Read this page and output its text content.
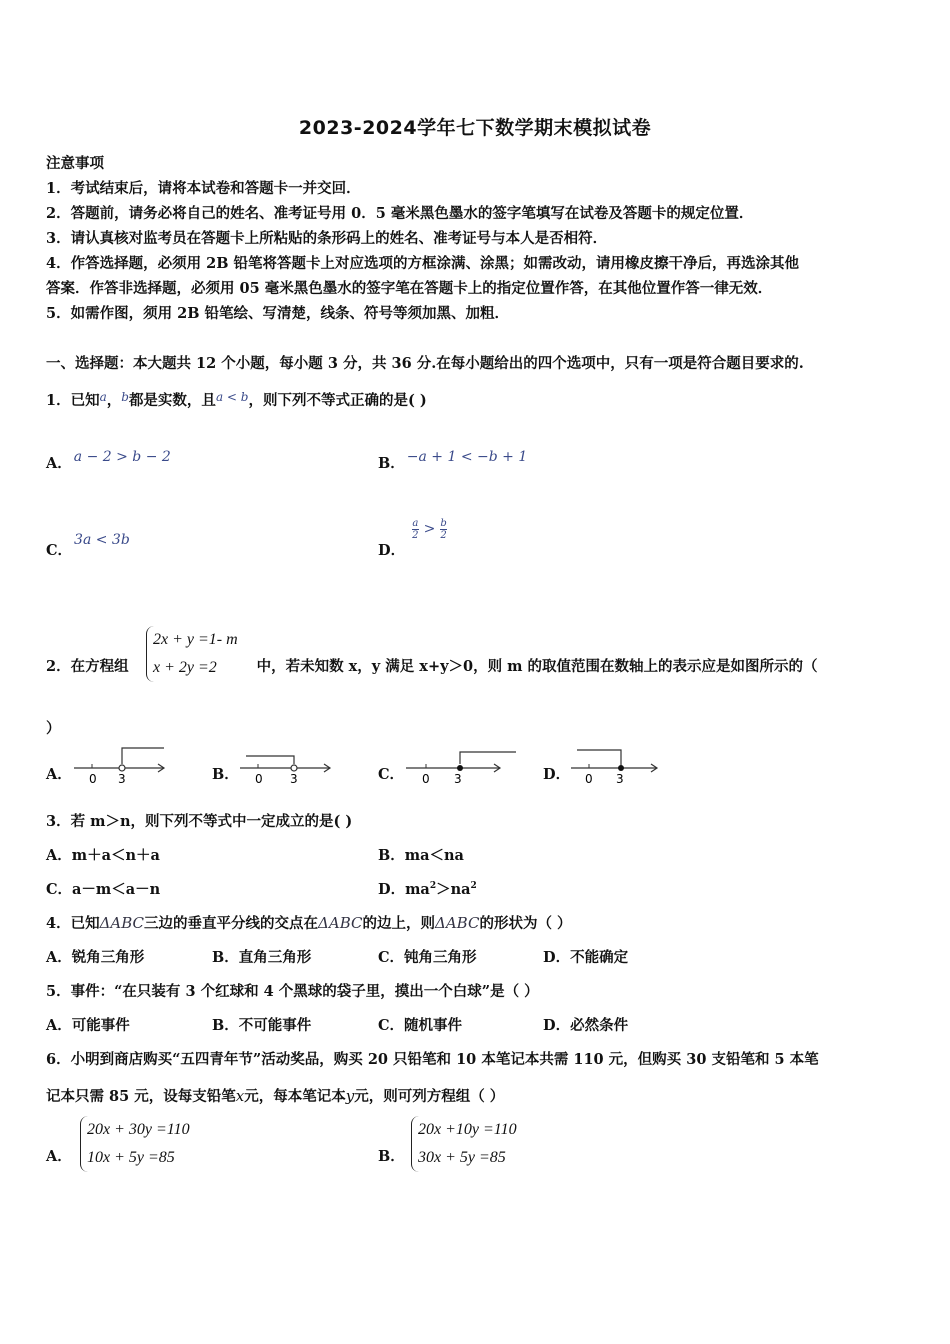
2023-2024学年七下数学期末模拟试卷
注意事项
1．考试结束后，请将本试卷和答题卡一并交回．
2．答题前，请务必将自己的姓名、准考证号用 0．5 毫米黑色墨水的签字笔填写在试卷及答题卡的规定位置．
3．请认真核对监考员在答题卡上所粘贴的条形码上的姓名、准考证号与本人是否相符．
4．作答选择题，必须用 2B 铅笔将答题卡上对应选项的方框涂满、涂黑；如需改动，请用橡皮擦干净后，再选涂其他
答案．作答非选择题，必须用 05 毫米黑色墨水的签字笔在答题卡上的指定位置作答，在其他位置作答一律无效．
5．如需作图，须用 2B 铅笔绘、写清楚，线条、符号等须加黑、加粗．
一、选择题：本大题共 12 个小题，每小题 3 分，共 36 分.在每小题给出的四个选项中，只有一项是符合题目要求的.
1．已知$^a$，$^b$都是实数，且$^{a < b}$，则下列不等式正确的是( )
A． a − 2 > b − 2	B． −a + 1 < −b + 1
C．3a < 3b
D．
$\frac{a}{2} > \frac{b}{2}$
2．在方程组	中，若未知数 x，y 满足 x+y＞0，则 m 的取值范围在数轴上的表示应是如图所示的（
2x + y =1- m
x + 2y =2
）
A．	B．	C．	D．
0 3	0 3	0 3	0 3
3．若 m＞n，则下列不等式中一定成立的是( )
A．m＋a＜n＋a	B．ma＜na
C．a－m＜a－n	D．$ma^2>na^2$
4．已知ΔABC三边的垂直平分线的交点在ΔABC的边上，则ΔABC的形状为（ ）
A．锐角三角形	B．直角三角形	C．钝角三角形	D．不能确定
5．事件：“在只装有 3 个红球和 4 个黑球的袋子里，摸出一个白球”是（ ）
A．可能事件	B．不可能事件	C．随机事件	D．必然条件
6．小明到商店购买“五四青年节”活动奖品，购买 20 只铅笔和 10 本笔记本共需 110 元，但购买 30 支铅笔和 5 本笔
记本只需 85 元，设每支铅笔x元，每本笔记本y元，则可列方程组（ ）
A．
20x + 30y =110
10x + 5y =85	B．
20x +10y =110
30x + 5y =85
